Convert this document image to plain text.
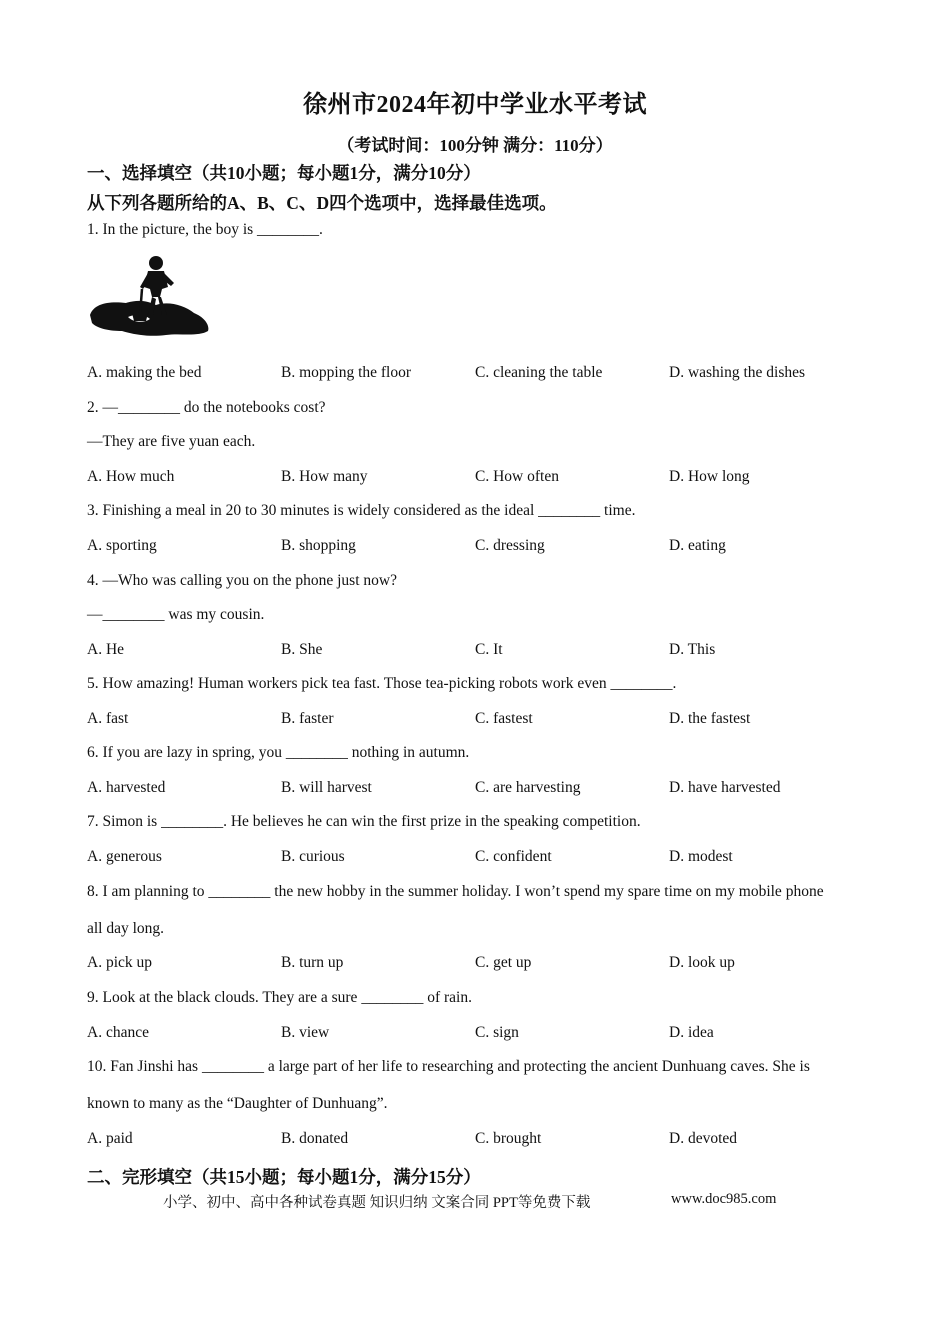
徐州市2024年初中学业水平考试
（考试时间：100分钟 满分：110分）
一、选择填空（共10小题；每小题1分，满分10分）
从下列各题所给的A、B、C、D四个选项中，选择最佳选项。
1. In the picture, the boy is ________.
A. making the bed	B. mopping the floor	C. cleaning the table	D. washing the dishes
2. —________ do the notebooks cost?
—They are five yuan each.
A. How much	B. How many	C. How often	D. How long
3. Finishing a meal in 20 to 30 minutes is widely considered as the ideal ________ time.
A. sporting	B. shopping	C. dressing	D. eating
4. —Who was calling you on the phone just now?
—________ was my cousin.
A. He	B. She	C. It	D. This
5. How amazing! Human workers pick tea fast. Those tea-picking robots work even ________.
A. fast	B. faster	C. fastest	D. the fastest
6. If you are lazy in spring, you ________ nothing in autumn.
A. harvested	B. will harvest	C. are harvesting	D. have harvested
7. Simon is ________. He believes he can win the first prize in the speaking competition.
A. generous	B. curious	C. confident	D. modest
8. I am planning to ________ the new hobby in the summer holiday. I won’t spend my spare time on my mobile phone
all day long.
A. pick up	B. turn up	C. get up	D. look up
9. Look at the black clouds. They are a sure ________ of rain.
A. chance	B. view	C. sign	D. idea
10. Fan Jinshi has ________ a large part of her life to researching and protecting the ancient Dunhuang caves. She is
known to many as the “Daughter of Dunhuang”.
A. paid	B. donated	C. brought	D. devoted
二、完形填空（共15小题；每小题1分，满分15分）
小学、初中、高中各种试卷真题 知识归纳 文案合同 PPT等免费下载	www.doc985.com
